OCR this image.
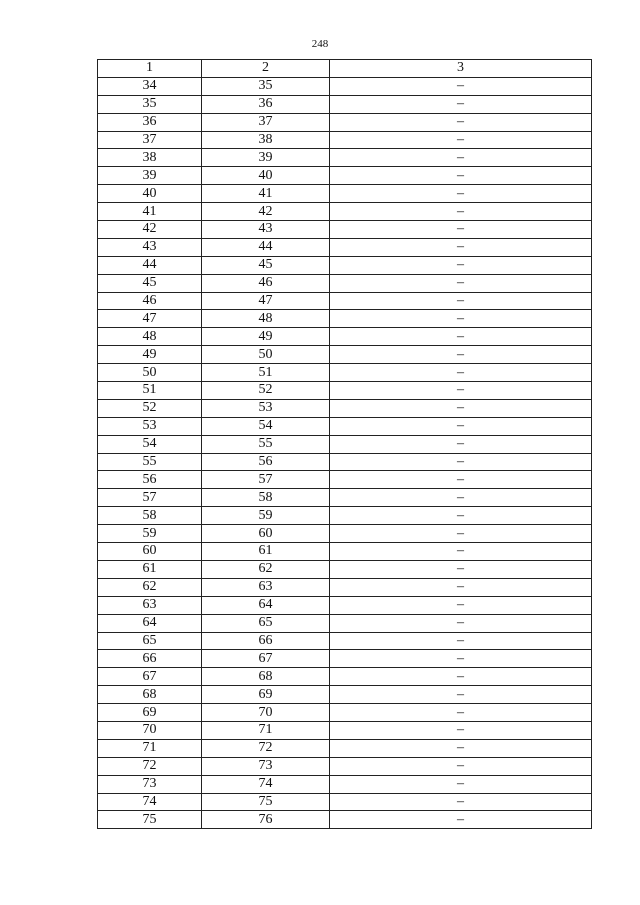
248
1	2	3
34	35	–
35	36	–
36	37	–
37	38	–
38	39	–
39	40	–
40	41	–
41	42	–
42	43	–
43	44	–
44	45	–
45	46	–
46	47	–
47	48	–
48	49	–
49	50	–
50	51	–
51	52	–
52	53	–
53	54	–
54	55	–
55	56	–
56	57	–
57	58	–
58	59	–
59	60	–
60	61	–
61	62	–
62	63	–
63	64	–
64	65	–
65	66	–
66	67	–
67	68	–
68	69	–
69	70	–
70	71	–
71	72	–
72	73	–
73	74	–
74	75	–
75	76	–
